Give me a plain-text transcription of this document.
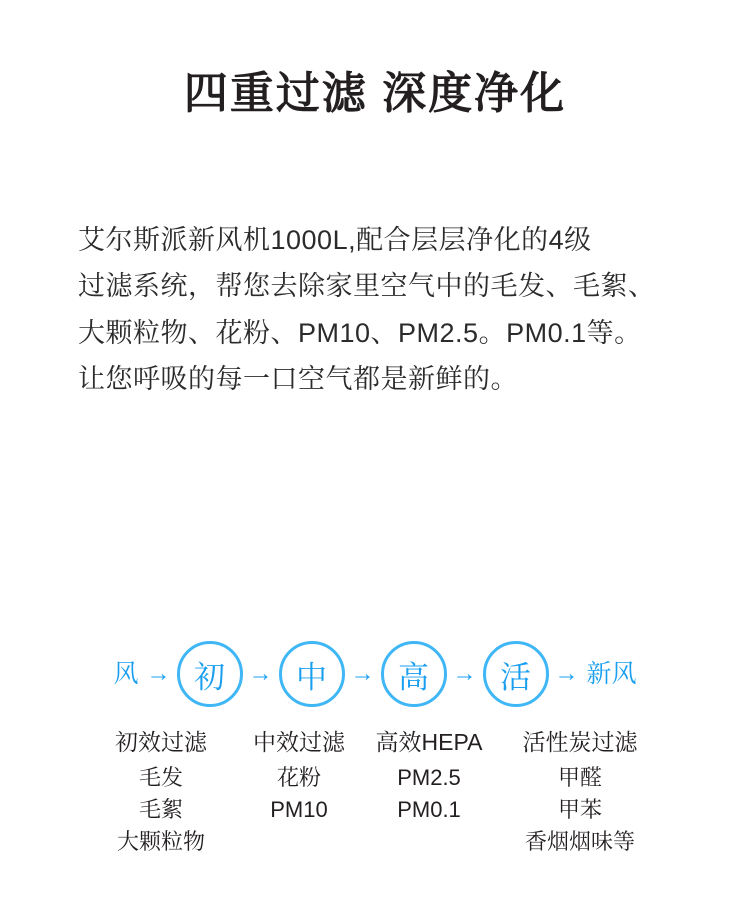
四重过滤 深度净化
艾尔斯派新风机1000L,配合层层净化的4级
过滤系统，帮您去除家里空气中的毛发、毛絮、
大颗粒物、花粉、PM10、PM2.5。PM0.1等。
让您呼吸的每一口空气都是新鲜的。
风 → 初 → 中 → 高 → 活 → 新风
初效过滤
毛发
毛絮
大颗粒物
中效过滤
花粉
PM10
高效HEPA
PM2.5
PM0.1
活性炭过滤
甲醛
甲苯
香烟烟味等
